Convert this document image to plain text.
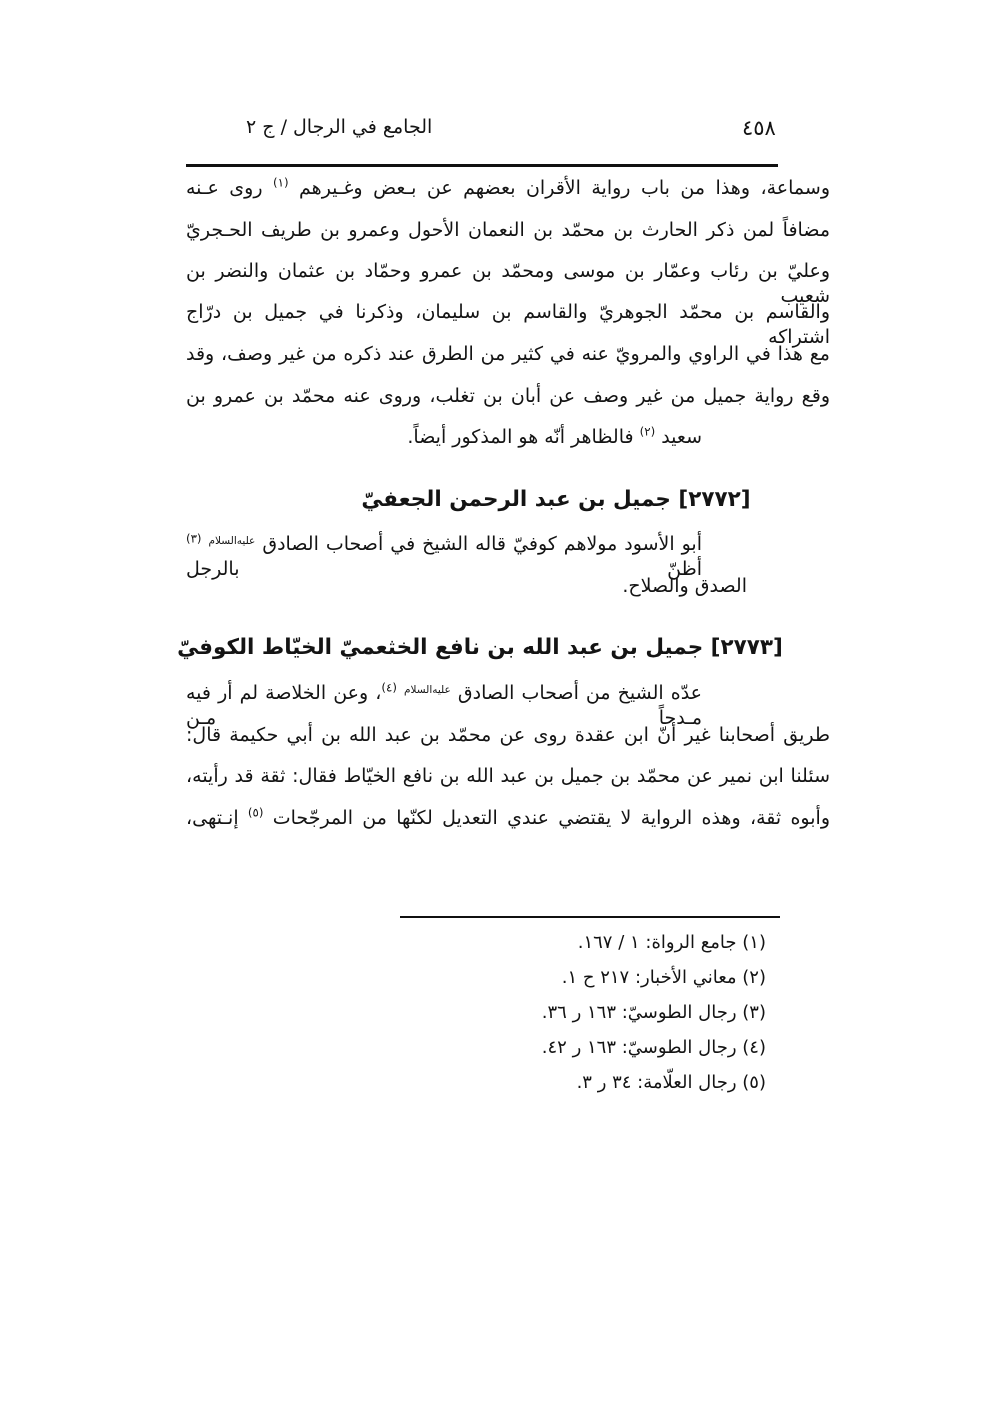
الجامع في الرجال / ج ٢	٤٥٨
وسماعة، وهذا من باب رواية الأقران بعضهم عن بـعض وغـيرهم $^{(١)}$ روى عـنه
مضافاً لمن ذكر الحارث بن محمّد بن النعمان الأحول وعمرو بن طريف الحـجريّ
وعليّ بن رئاب وعمّار بن موسى ومحمّد بن عمرو وحمّاد بن عثمان والنضر بن شعيب
والقاسم بن محمّد الجوهريّ والقاسم بن سليمان، وذكرنا في جميل بن درّاج اشتراكه
مع هذا في الراوي والمرويّ عنه في كثير من الطرق عند ذكره من غير وصف، وقد
وقع رواية جميل من غير وصف عن أبان بن تغلب، وروى عنه محمّد بن عمرو بن
سعيد $^{(٢)}$ فالظاهر أنّه هو المذكور أيضاً.
[٢٧٧٢] جميل بن عبد الرحمن الجعفيّ
أبو الأسود مولاهم كوفيّ قاله الشيخ في أصحاب الصادق عليه‌السلام $^{(٣)}$ أظنّ بالرجل
الصدق والصلاح.
[٢٧٧٣] جميل بن عبد الله بن نافع الخثعميّ الخيّاط الكوفيّ
عدّه الشيخ من أصحاب الصادق عليه‌السلام $^{(٤)}$، وعن الخلاصة لم أر فيه مـدحاً مـن
طريق أصحابنا غير أنّ ابن عقدة روى عن محمّد بن عبد الله بن أبي حكيمة قال:
سئلنا ابن نمير عن محمّد بن جميل بن عبد الله بن نافع الخيّاط فقال: ثقة قد رأيته،
وأبوه ثقة، وهذه الرواية لا يقتضي عندي التعديل لكنّها من المرجّحات $^{(٥)}$ إنـتهى،
(١) جامع الرواة: ١ / ١٦٧.
(٢) معاني الأخبار: ٢١٧ ح ١.
(٣) رجال الطوسيّ: ١٦٣ ر ٣٦.
(٤) رجال الطوسيّ: ١٦٣ ر ٤٢.
(٥) رجال العلّامة: ٣٤ ر ٣.
